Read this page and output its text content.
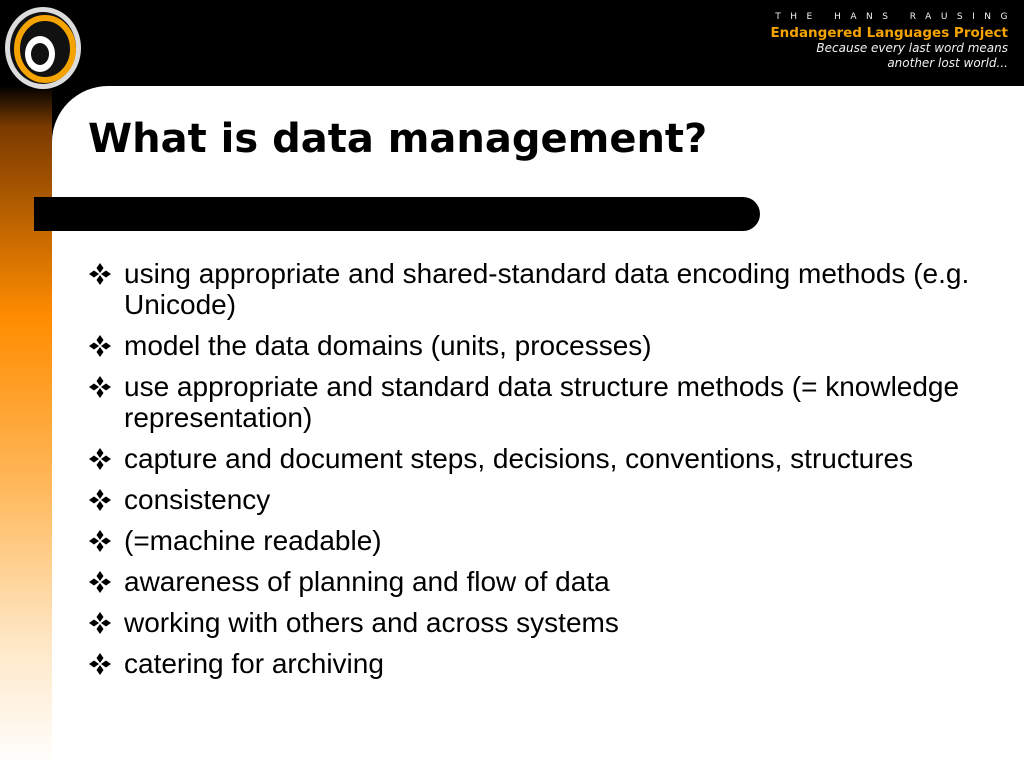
THE HANS RAUSING
Endangered Languages Project
Because every last word means
another lost world...
What is data management?
using appropriate and shared-standard data encoding methods (e.g. Unicode)
model the data domains (units, processes)
use appropriate and standard data structure methods (= knowledge representation)
capture and document steps, decisions, conventions, structures
consistency
(=machine readable)
awareness of planning and flow of data
working with others and across systems
catering for archiving
